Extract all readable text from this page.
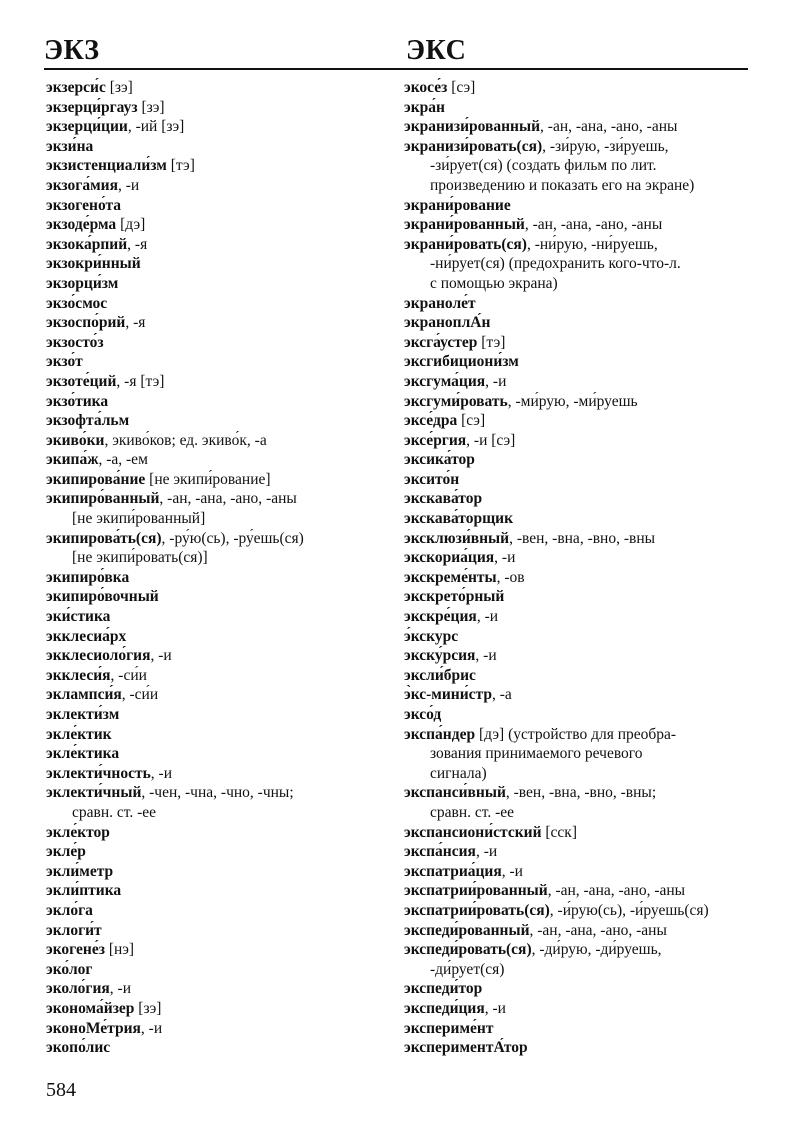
ЭКЗ	ЭКС
экзерси́с [зэ]
экзерци́ргауз [зэ]
экзерци́ции, -ий [зэ]
экзи́на
экзистенциали́зм [тэ]
экзога́мия, -и
экзогено́та
экзоде́рма [дэ]
экзока́рпий, -я
экзокри́нный
экзорци́зм
экзо́смос
экзоспо́рий, -я
экзосто́з
экзо́т
экзоте́ций, -я [тэ]
экзо́тика
экзофта́льм
экиво́ки, экиво́ков; ед. экиво́к, -а
экипа́ж, -а, -ем
экипирова́ние [не экипи́рование]
экипиро́ванный, -ан, -ана, -ано, -аны
[не экипи́рованный]
экипирова́ть(ся), -ру́ю(сь), -ру́ешь(ся)
[не экипи́ровать(ся)]
экипиро́вка
экипиро́вочный
эки́стика
экклесиа́рх
экклесиоло́гия, -и
экклеси́я, -си́и
эклампси́я, -си́и
эклекти́зм
экле́ктик
экле́ктика
эклекти́чность, -и
эклекти́чный, -чен, -чна, -чно, -чны;
сравн. ст. -ее
экле́ктор
экле́р
экли́метр
экли́птика
экло́га
эклоги́т
экогене́з [нэ]
эко́лог
эколо́гия, -и
эконома́йзер [зэ]
эконоМе́трия, -и
экопо́лис
экосе́з [сэ]
экра́н
экранизи́рованный, -ан, -ана, -ано, -аны
экранизи́ровать(ся), -зи́рую, -зи́руешь,
-зи́рует(ся) (создать фильм по лит.
произведению и показать его на экране)
экрани́рование
экрани́рованный, -ан, -ана, -ано, -аны
экрани́ровать(ся), -ни́рую, -ни́руешь,
-ни́рует(ся) (предохранить кого-что-л.
с помощью экрана)
экраноле́т
экраноплА́н
эксга́устер [тэ]
эксгибициони́зм
эксгума́ция, -и
эксгуми́ровать, -ми́рую, -ми́руешь
эксе́дра [сэ]
эксе́ргия, -и [сэ]
эксика́тор
эксито́н
экскава́тор
экскава́торщик
эксклюзи́вный, -вен, -вна, -вно, -вны
экскориа́ция, -и
экскреме́нты, -ов
экскрето́рный
экскре́ция, -и
э́кскурс
экску́рсия, -и
эксли́брис
э̀кс-мини́стр, -а
эксо́д
экспа́ндер [дэ] (устройство для преобра-
зования принимаемого речевого
сигнала)
экспанси́вный, -вен, -вна, -вно, -вны;
сравн. ст. -ее
экспансиони́стский [сск]
экспа́нсия, -и
экспатриа́ция, -и
экспатрии́рованный, -ан, -ана, -ано, -аны
экспатрии́ровать(ся), -и́рую(сь), -и́руешь(ся)
экспеди́рованный, -ан, -ана, -ано, -аны
экспеди́ровать(ся), -ди́рую, -ди́руешь,
-ди́рует(ся)
экспеди́тор
экспеди́ция, -и
экспериме́нт
экспериментА́тор
584
